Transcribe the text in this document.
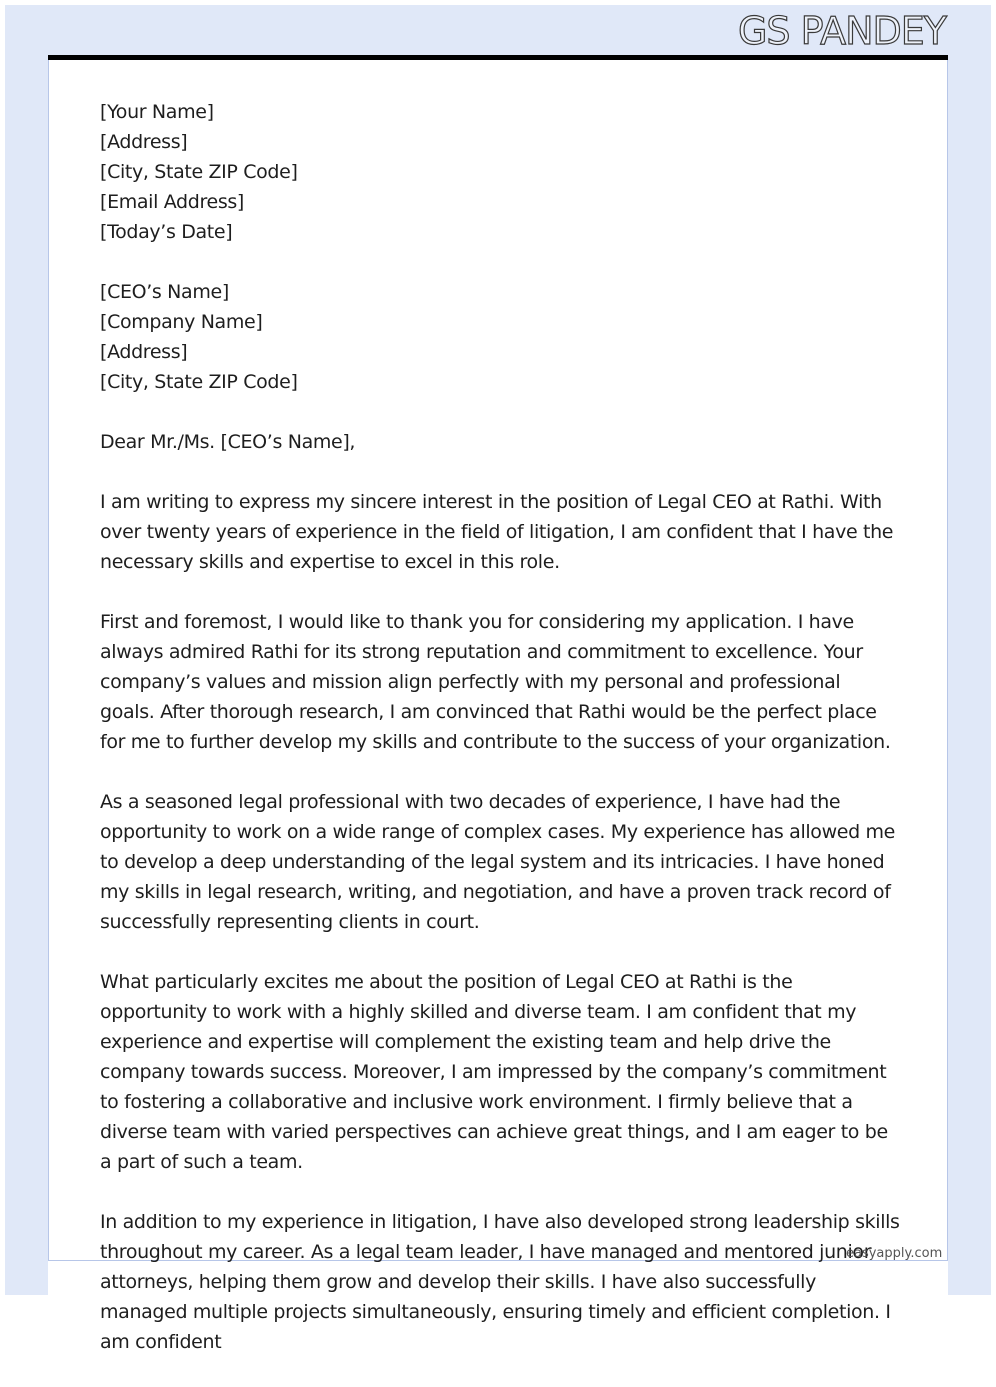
GS PANDEY
[Your Name]
[Address]
[City, State ZIP Code]
[Email Address]
[Today’s Date]
[CEO’s Name]
[Company Name]
[Address]
[City, State ZIP Code]

Dear Mr./Ms. [CEO’s Name],

I am writing to express my sincere interest in the position of Legal CEO at Rathi. With over twenty years of experience in the field of litigation, I am confident that I have the necessary skills and expertise to excel in this role.

First and foremost, I would like to thank you for considering my application. I have always admired Rathi for its strong reputation and commitment to excellence. Your company’s values and mission align perfectly with my personal and professional goals. After thorough research, I am convinced that Rathi would be the perfect place for me to further develop my skills and contribute to the success of your organization.

As a seasoned legal professional with two decades of experience, I have had the opportunity to work on a wide range of complex cases. My experience has allowed me to develop a deep understanding of the legal system and its intricacies. I have honed my skills in legal research, writing, and negotiation, and have a proven track record of successfully representing clients in court.

What particularly excites me about the position of Legal CEO at Rathi is the opportunity to work with a highly skilled and diverse team. I am confident that my experience and expertise will complement the existing team and help drive the company towards success. Moreover, I am impressed by the company’s commitment to fostering a collaborative and inclusive work environment. I firmly believe that a diverse team with varied perspectives can achieve great things, and I am eager to be a part of such a team.

In addition to my experience in litigation, I have also developed strong leadership skills throughout my career. As a legal team leader, I have managed and mentored junior attorneys, helping them grow and develop their skills. I have also successfully managed multiple projects simultaneously, ensuring timely and efficient completion. I am confident

easyapply.com
